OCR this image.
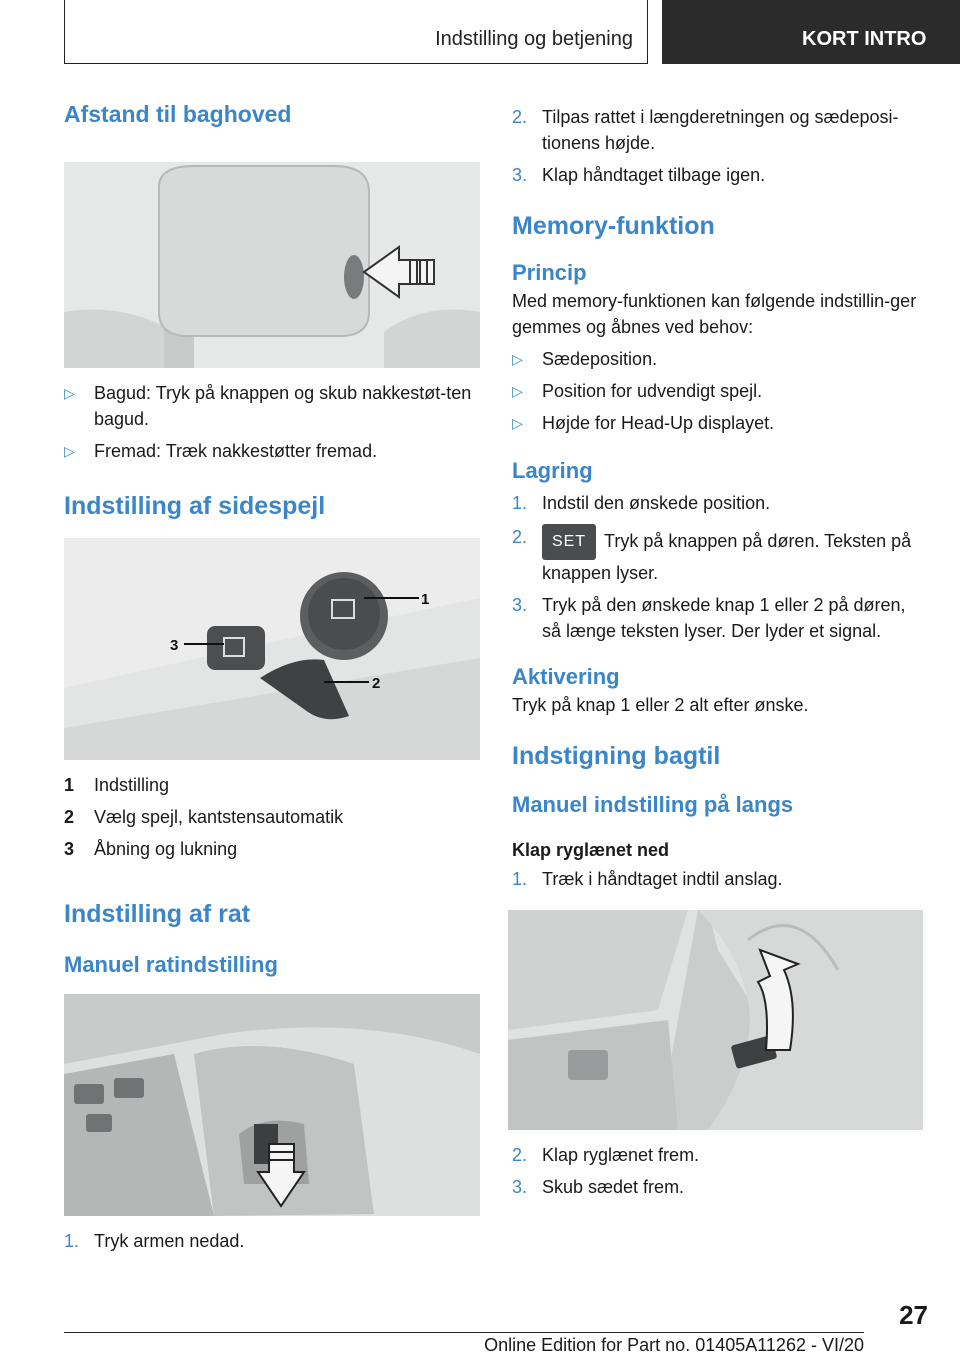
Indstilling og betjening	KORT INTRO
Afstand til baghoved
▷ Bagud: Tryk på knappen og skub nakkestøt‐ten bagud.
▷ Fremad: Træk nakkestøtter fremad.
Indstilling af sidespejl
1
2
3
1 Indstilling
2 Vælg spejl, kantstensautomatik
3 Åbning og lukning
Indstilling af rat
Manuel ratindstilling
1. Tryk armen nedad.
2. Tilpas rattet i længderetningen og sædeposi‐tionens højde.
3. Klap håndtaget tilbage igen.
Memory-funktion
Princip
Med memory-funktionen kan følgende indstillin‐ger gemmes og åbnes ved behov:
▷ Sædeposition.
▷ Position for udvendigt spejl.
▷ Højde for Head-Up displayet.
Lagring
1. Indstil den ønskede position.
2. SET Tryk på knappen på døren. Teksten på knappen lyser.
3. Tryk på den ønskede knap 1 eller 2 på døren, så længe teksten lyser. Der lyder et signal.
Aktivering
Tryk på knap 1 eller 2 alt efter ønske.
Indstigning bagtil
Manuel indstilling på langs
Klap ryglænet ned
1. Træk i håndtaget indtil anslag.
2. Klap ryglænet frem.
3. Skub sædet frem.
27
Online Edition for Part no. 01405A11262 - VI/20
